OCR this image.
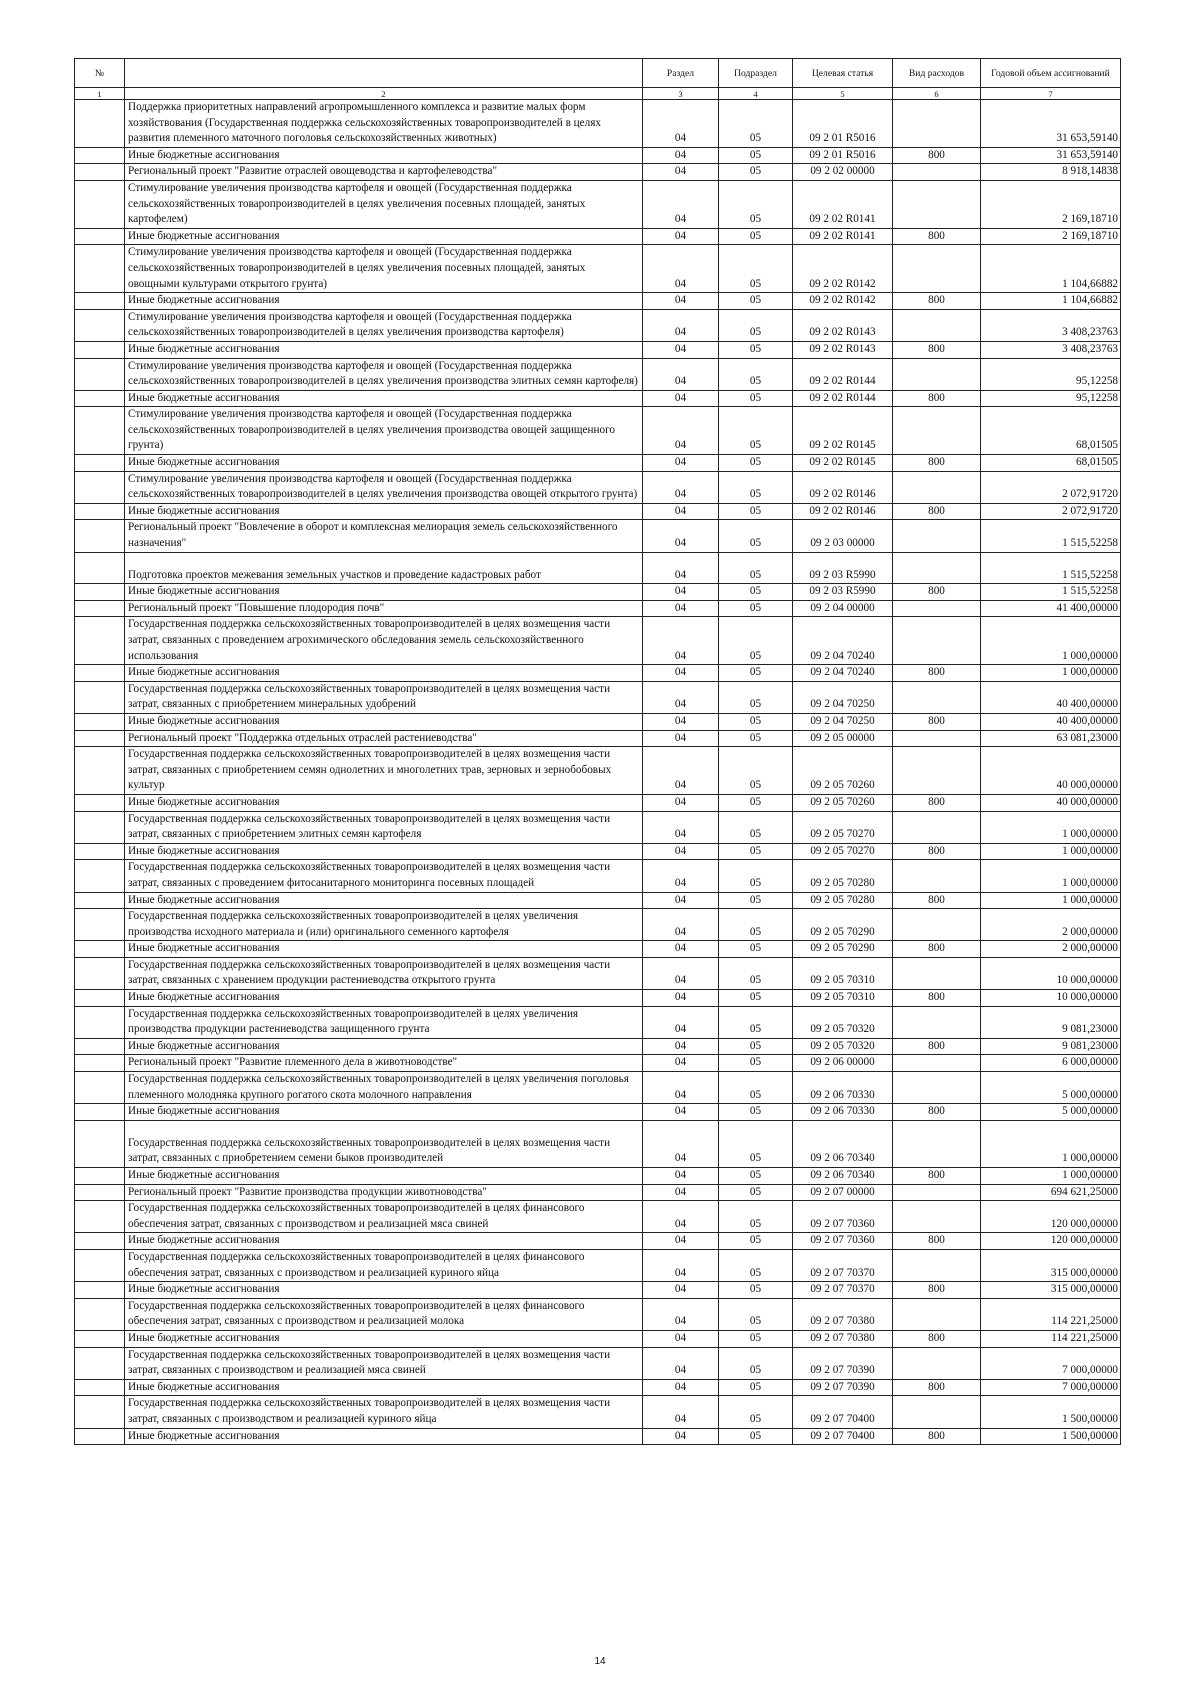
№		Раздел	Подраздел	Целевая статья	Вид расходов	Годовой объем ассигнований
1	2	3	4	5	6	7
	Поддержка приоритетных направлений агропромышленного комплекса и развитие малых форм хозяйствования (Государственная поддержка сельскохозяйственных товаропроизводителей в целях развития племенного маточного поголовья сельскохозяйственных животных)	04	05	09 2 01 R5016		31 653,59140
	Иные бюджетные ассигнования	04	05	09 2 01 R5016	800	31 653,59140
	Региональный проект "Развитие отраслей овощеводства и картофелеводства"	04	05	09 2 02 00000		8 918,14838
	Стимулирование увеличения производства картофеля и овощей (Государственная поддержка сельскохозяйственных товаропроизводителей в целях увеличения посевных площадей, занятых картофелем)	04	05	09 2 02 R0141		2 169,18710
	Иные бюджетные ассигнования	04	05	09 2 02 R0141	800	2 169,18710
	Стимулирование увеличения производства картофеля и овощей (Государственная поддержка сельскохозяйственных товаропроизводителей в целях увеличения посевных площадей, занятых овощными культурами открытого грунта)	04	05	09 2 02 R0142		1 104,66882
	Иные бюджетные ассигнования	04	05	09 2 02 R0142	800	1 104,66882
	Стимулирование увеличения производства картофеля и овощей (Государственная поддержка сельскохозяйственных товаропроизводителей в целях увеличения производства картофеля)	04	05	09 2 02 R0143		3 408,23763
	Иные бюджетные ассигнования	04	05	09 2 02 R0143	800	3 408,23763
	Стимулирование увеличения производства картофеля и овощей (Государственная поддержка сельскохозяйственных товаропроизводителей в целях увеличения производства элитных семян картофеля)	04	05	09 2 02 R0144		95,12258
	Иные бюджетные ассигнования	04	05	09 2 02 R0144	800	95,12258
	Стимулирование увеличения производства картофеля и овощей (Государственная поддержка сельскохозяйственных товаропроизводителей в целях увеличения производства овощей защищенного грунта)	04	05	09 2 02 R0145		68,01505
	Иные бюджетные ассигнования	04	05	09 2 02 R0145	800	68,01505
	Стимулирование увеличения производства картофеля и овощей (Государственная поддержка сельскохозяйственных товаропроизводителей в целях увеличения производства овощей открытого грунта)	04	05	09 2 02 R0146		2 072,91720
	Иные бюджетные ассигнования	04	05	09 2 02 R0146	800	2 072,91720
	Региональный проект "Вовлечение в оборот и комплексная мелиорация земель сельскохозяйственного назначения"	04	05	09 2 03 00000		1 515,52258
	Подготовка проектов межевания земельных участков и проведение кадастровых работ	04	05	09 2 03 R5990		1 515,52258
	Иные бюджетные ассигнования	04	05	09 2 03 R5990	800	1 515,52258
	Региональный проект "Повышение плодородия почв"	04	05	09 2 04 00000		41 400,00000
	Государственная поддержка сельскохозяйственных товаропроизводителей в целях возмещения части затрат, связанных с проведением агрохимического обследования земель сельскохозяйственного использования	04	05	09 2 04 70240		1 000,00000
	Иные бюджетные ассигнования	04	05	09 2 04 70240	800	1 000,00000
	Государственная поддержка сельскохозяйственных товаропроизводителей в целях возмещения части затрат, связанных с приобретением минеральных удобрений	04	05	09 2 04 70250		40 400,00000
	Иные бюджетные ассигнования	04	05	09 2 04 70250	800	40 400,00000
	Региональный проект "Поддержка отдельных отраслей растениеводства"	04	05	09 2 05 00000		63 081,23000
	Государственная поддержка сельскохозяйственных товаропроизводителей в целях возмещения части затрат, связанных с приобретением семян однолетних и многолетних трав, зерновых и зернобобовых культур	04	05	09 2 05 70260		40 000,00000
	Иные бюджетные ассигнования	04	05	09 2 05 70260	800	40 000,00000
	Государственная поддержка сельскохозяйственных товаропроизводителей в целях возмещения части затрат, связанных с приобретением элитных семян картофеля	04	05	09 2 05 70270		1 000,00000
	Иные бюджетные ассигнования	04	05	09 2 05 70270	800	1 000,00000
	Государственная поддержка сельскохозяйственных товаропроизводителей в целях возмещения части затрат, связанных с проведением фитосанитарного мониторинга посевных площадей	04	05	09 2 05 70280		1 000,00000
	Иные бюджетные ассигнования	04	05	09 2 05 70280	800	1 000,00000
	Государственная поддержка сельскохозяйственных товаропроизводителей в целях увеличения производства исходного материала и (или) оригинального семенного картофеля	04	05	09 2 05 70290		2 000,00000
	Иные бюджетные ассигнования	04	05	09 2 05 70290	800	2 000,00000
	Государственная поддержка сельскохозяйственных товаропроизводителей в целях возмещения части затрат, связанных с хранением продукции растениеводства открытого грунта	04	05	09 2 05 70310		10 000,00000
	Иные бюджетные ассигнования	04	05	09 2 05 70310	800	10 000,00000
	Государственная поддержка сельскохозяйственных товаропроизводителей в целях увеличения производства продукции растениеводства защищенного грунта	04	05	09 2 05 70320		9 081,23000
	Иные бюджетные ассигнования	04	05	09 2 05 70320	800	9 081,23000
	Региональный проект "Развитие племенного дела в животноводстве"	04	05	09 2 06 00000		6 000,00000
	Государственная поддержка сельскохозяйственных товаропроизводителей в целях увеличения поголовья племенного молодняка крупного рогатого скота молочного направления	04	05	09 2 06 70330		5 000,00000
	Иные бюджетные ассигнования	04	05	09 2 06 70330	800	5 000,00000
	Государственная поддержка сельскохозяйственных товаропроизводителей в целях возмещения части затрат, связанных с приобретением семени быков производителей	04	05	09 2 06 70340		1 000,00000
	Иные бюджетные ассигнования	04	05	09 2 06 70340	800	1 000,00000
	Региональный проект "Развитие производства продукции животноводства"	04	05	09 2 07 00000		694 621,25000
	Государственная поддержка сельскохозяйственных товаропроизводителей в целях финансового обеспечения затрат, связанных с производством и реализацией мяса свиней	04	05	09 2 07 70360		120 000,00000
	Иные бюджетные ассигнования	04	05	09 2 07 70360	800	120 000,00000
	Государственная поддержка сельскохозяйственных товаропроизводителей в целях финансового обеспечения затрат, связанных с производством и реализацией куриного яйца	04	05	09 2 07 70370		315 000,00000
	Иные бюджетные ассигнования	04	05	09 2 07 70370	800	315 000,00000
	Государственная поддержка сельскохозяйственных товаропроизводителей в целях финансового обеспечения затрат, связанных с производством и реализацией молока	04	05	09 2 07 70380		114 221,25000
	Иные бюджетные ассигнования	04	05	09 2 07 70380	800	114 221,25000
	Государственная поддержка сельскохозяйственных товаропроизводителей в целях возмещения части затрат, связанных с производством и реализацией мяса свиней	04	05	09 2 07 70390		7 000,00000
	Иные бюджетные ассигнования	04	05	09 2 07 70390	800	7 000,00000
	Государственная поддержка сельскохозяйственных товаропроизводителей в целях возмещения части затрат, связанных с производством и реализацией куриного яйца	04	05	09 2 07 70400		1 500,00000
	Иные бюджетные ассигнования	04	05	09 2 07 70400	800	1 500,00000
14
